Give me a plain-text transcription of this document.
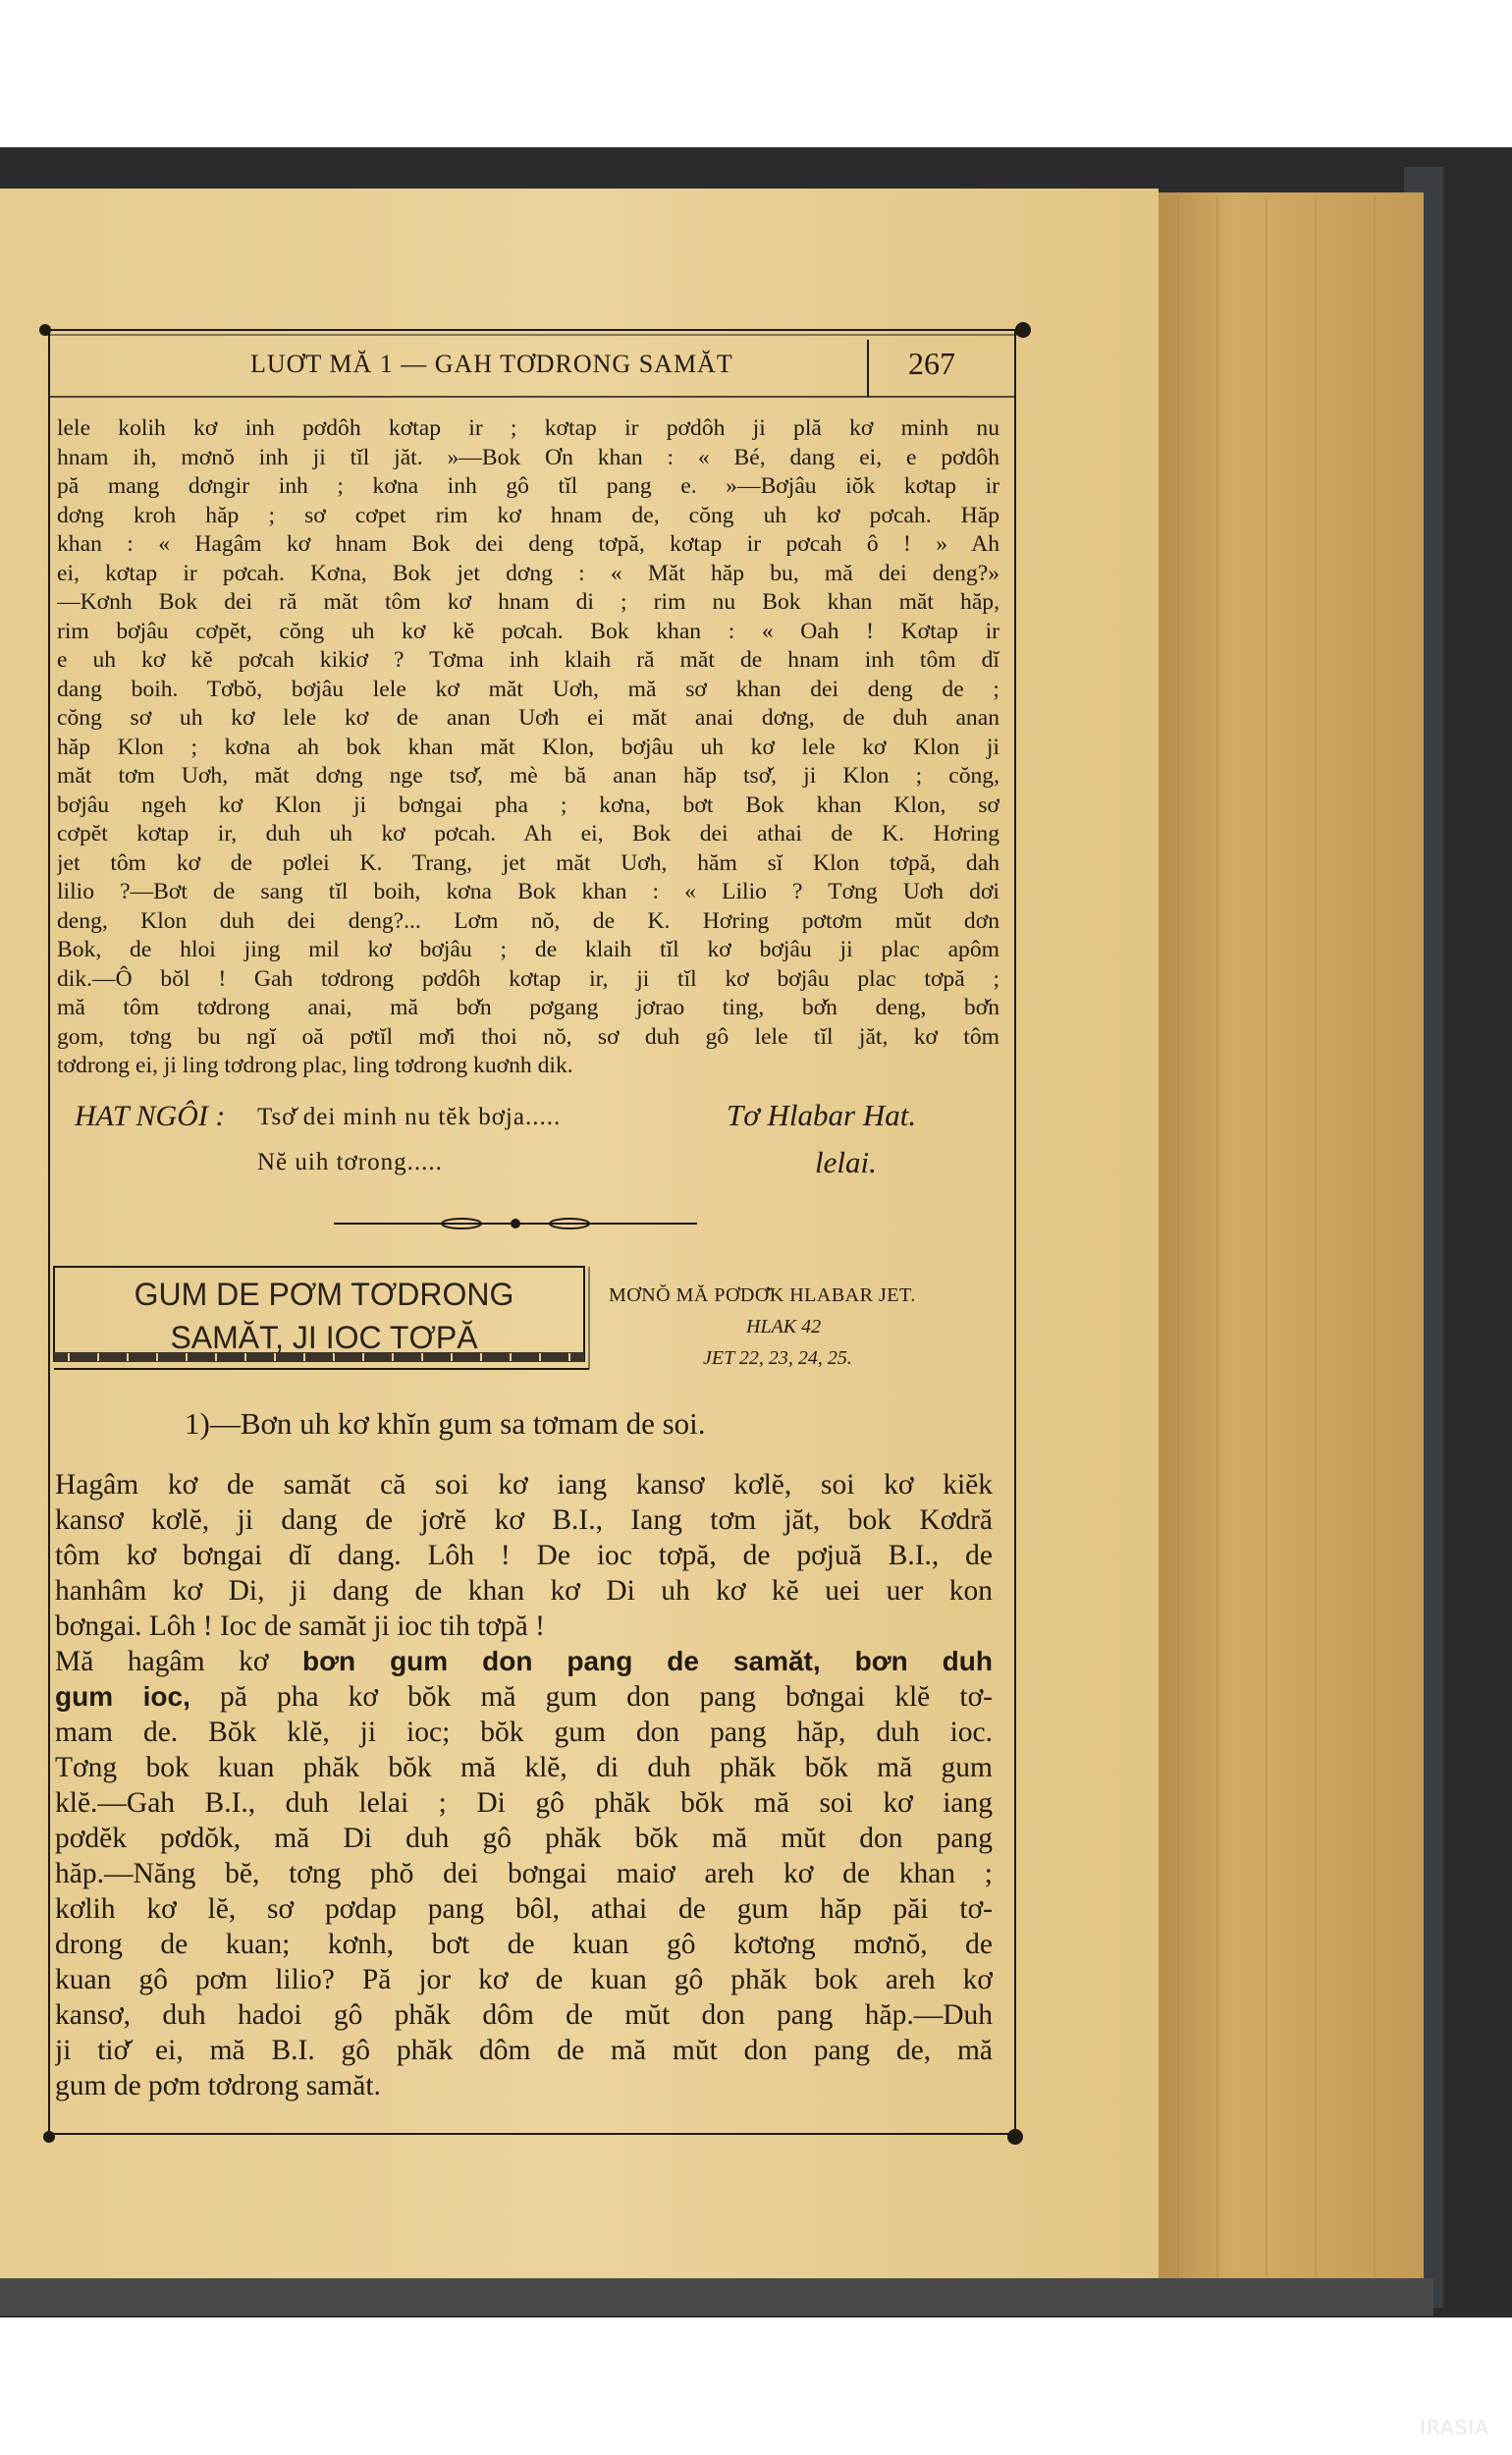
LUƠT MĂ 1 — GAH TƠDRONG SAMĂT	267
lele kolih kơ inh pơdôh kơtap ir ; kơtap ir pơdôh ji plă kơ minh nu
hnam ih, mơnŏ inh ji tĭl jăt. »—Bok Ơn khan : « Bé, dang ei, e pơdôh
pă mang dơngir inh ; kơna inh gô tĭl pang e. »—Bơjâu iŏk kơtap ir
dơng kroh hăp ; sơ cơpet rim kơ hnam de, cŏng uh kơ pơcah. Hăp
khan : « Hagâm kơ hnam Bok dei deng tơpă, kơtap ir pơcah ô ! » Ah
ei, kơtap ir pơcah. Kơna, Bok jet dơng : « Măt hăp bu, mă dei deng?»
—Kơnh Bok dei ră măt tôm kơ hnam di ; rim nu Bok khan măt hăp,
rim bơjâu cơpĕt, cŏng uh kơ kĕ pơcah. Bok khan : « Oah ! Kơtap ir
e uh kơ kĕ pơcah kikiơ ? Tơmа inh klaih ră măt de hnam inh tôm dĭ
dang boih. Tơbŏ, bơjâu lele kơ măt Uơh, mă sơ khan dei deng de ;
cŏng sơ uh kơ lele kơ de anan Uơh ei măt anai dơng, de duh anan
hăp Klon ; kơna ah bok khan măt Klon, bơjâu uh kơ lele kơ Klon ji
măt tơm Uơh, măt dơng nge tsơ̆, mè bă anan hăp tsơ̆, ji Klon ; cŏng,
bơjâu ngeh kơ Klon ji bơngai pha ; kơna, bơt Bok khan Klon, sơ
cơpĕt kơtap ir, duh uh kơ pơcah. Ah ei, Bok dei athai de K. Hơring
jet tôm kơ de pơlei K. Trang, jet măt Uơh, hăm sĭ Klon tơpă, dah
lilio ?—Bơt de sang tĭl boih, kơna Bok khan : « Lilio ? Tơng Uơh dơi
deng, Klon duh dei deng?... Lơm nŏ, de K. Hơring pơtơm mŭt dơn
Bok, de hloi jing mil kơ bơjâu ; de klaih tĭl kơ bơjâu ji plac apôm
dik.—Ô bŏl ! Gah tơdrong pơdôh kơtap ir, ji tĭl kơ bơjâu plac tơpă ;
mă tôm tơdrong anai, mă bơ̆n pơgang jơrao ting, bơ̆n deng, bơ̆n
gom, tơng bu ngĭ oă pơtĭl mơ̆i thoi nŏ, sơ duh gô lele tĭl jăt, kơ tôm
tơdrong ei, ji ling tơdrong plac, ling tơdrong kuơnh dik.
HAT NGÔI : Tsơ̆ dei minh nu tĕk bơja.....	Tơ Hlabar Hat.
Nĕ uih tơrong.....	lelai.
GUM DE PƠM TƠDRONG
SAMĂT, JI IOC TƠPĂ
MƠNŎ MĂ PƠDƠ̆K HLABAR JET.
HLAK 42
JET 22, 23, 24, 25.
1)—Bơn uh kơ khĭn gum sa tơmam de soi.
Hagâm kơ de samăt că soi kơ iang kansơ kơlĕ, soi kơ kiĕk
kansơ kơlĕ, ji dang de jơrĕ kơ B.I., Iang tơm jăt, bok Kơdră
tôm kơ bơngai dĭ dang. Lôh ! De ioc tơpă, de pơjuă B.I., de
hanhâm kơ Di, ji dang de khan kơ Di uh kơ kĕ uei uer kon
bơngai. Lôh ! Ioc de samăt ji ioc tih tơpă !
Mă hagâm kơ bơn gum don pang de samăt, bơn duh
gum ioc, pă pha kơ bŏk mă gum don pang bơngai klĕ tơ-
mam de. Bŏk klĕ, ji ioc; bŏk gum don pang hăp, duh ioc.
Tơng bok kuan phăk bŏk mă klĕ, di duh phăk bŏk mă gum
klĕ.—Gah B.I., duh lelai ; Di gô phăk bŏk mă soi kơ iang
pơdĕk pơdŏk, mă Di duh gô phăk bŏk mă mŭt don pang
hăp.—Năng bĕ, tơng phŏ dei bơngai maiơ areh kơ de khan ;
kơlih kơ lĕ, sơ pơdap pang bôl, athai de gum hăp păi tơ-
drong de kuan; kơnh, bơt de kuan gô kơtơng mơnŏ, de
kuan gô pơm lilio? Pă jor kơ de kuan gô phăk bok areh kơ
kansơ, duh hadoi gô phăk dôm de mŭt don pang hăp.—Duh
ji tiơ̆ ei, mă B.I. gô phăk dôm de mă mŭt don pang de, mă
gum de pơm tơdrong samăt.
IRASIA
